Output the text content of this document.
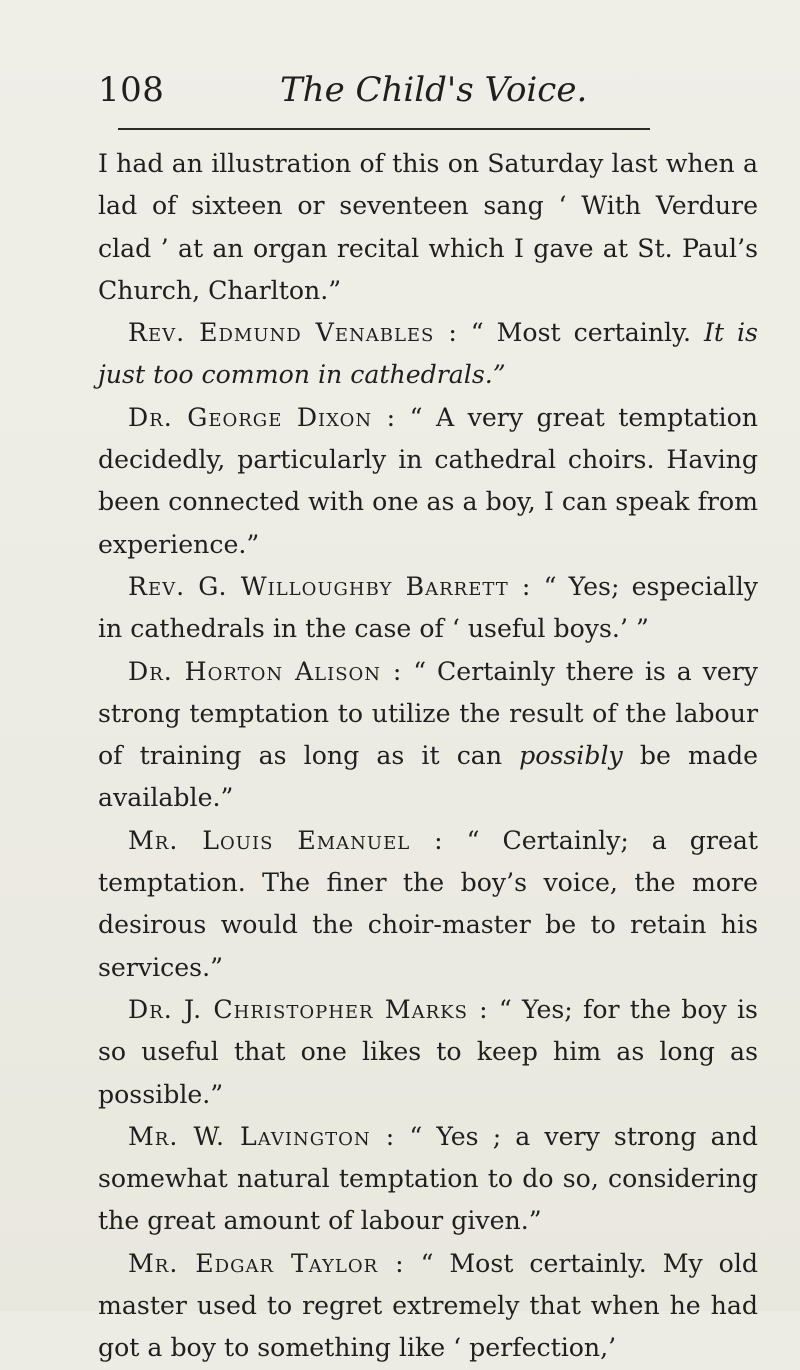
108	The Child's Voice.

I had an illustration of this on Saturday last when a lad of sixteen or seventeen sang ‘ With Verdure clad ’ at an organ recital which I gave at St. Paul’s Church, Charlton.”

Rev. Edmund Venables : “ Most certainly. It is just too common in cathedrals.”

Dr. George Dixon : “ A very great temptation decidedly, particularly in cathedral choirs. Having been connected with one as a boy, I can speak from experience.”

Rev. G. Willoughby Barrett : “ Yes; especially in cathedrals in the case of ‘ useful boys.’ ”

Dr. Horton Alison : “ Certainly there is a very strong temptation to utilize the result of the labour of training as long as it can possibly be made available.”

Mr. Louis Emanuel : “ Certainly; a great temptation. The finer the boy’s voice, the more desirous would the choir-master be to retain his services.”

Dr. J. Christopher Marks : “ Yes; for the boy is so useful that one likes to keep him as long as possible.”

Mr. W. Lavington : “ Yes ; a very strong and somewhat natural temptation to do so, considering the great amount of labour given.”

Mr. Edgar Taylor : “ Most certainly. My old master used to regret extremely that when he had got a boy to something like ‘ perfection,’
